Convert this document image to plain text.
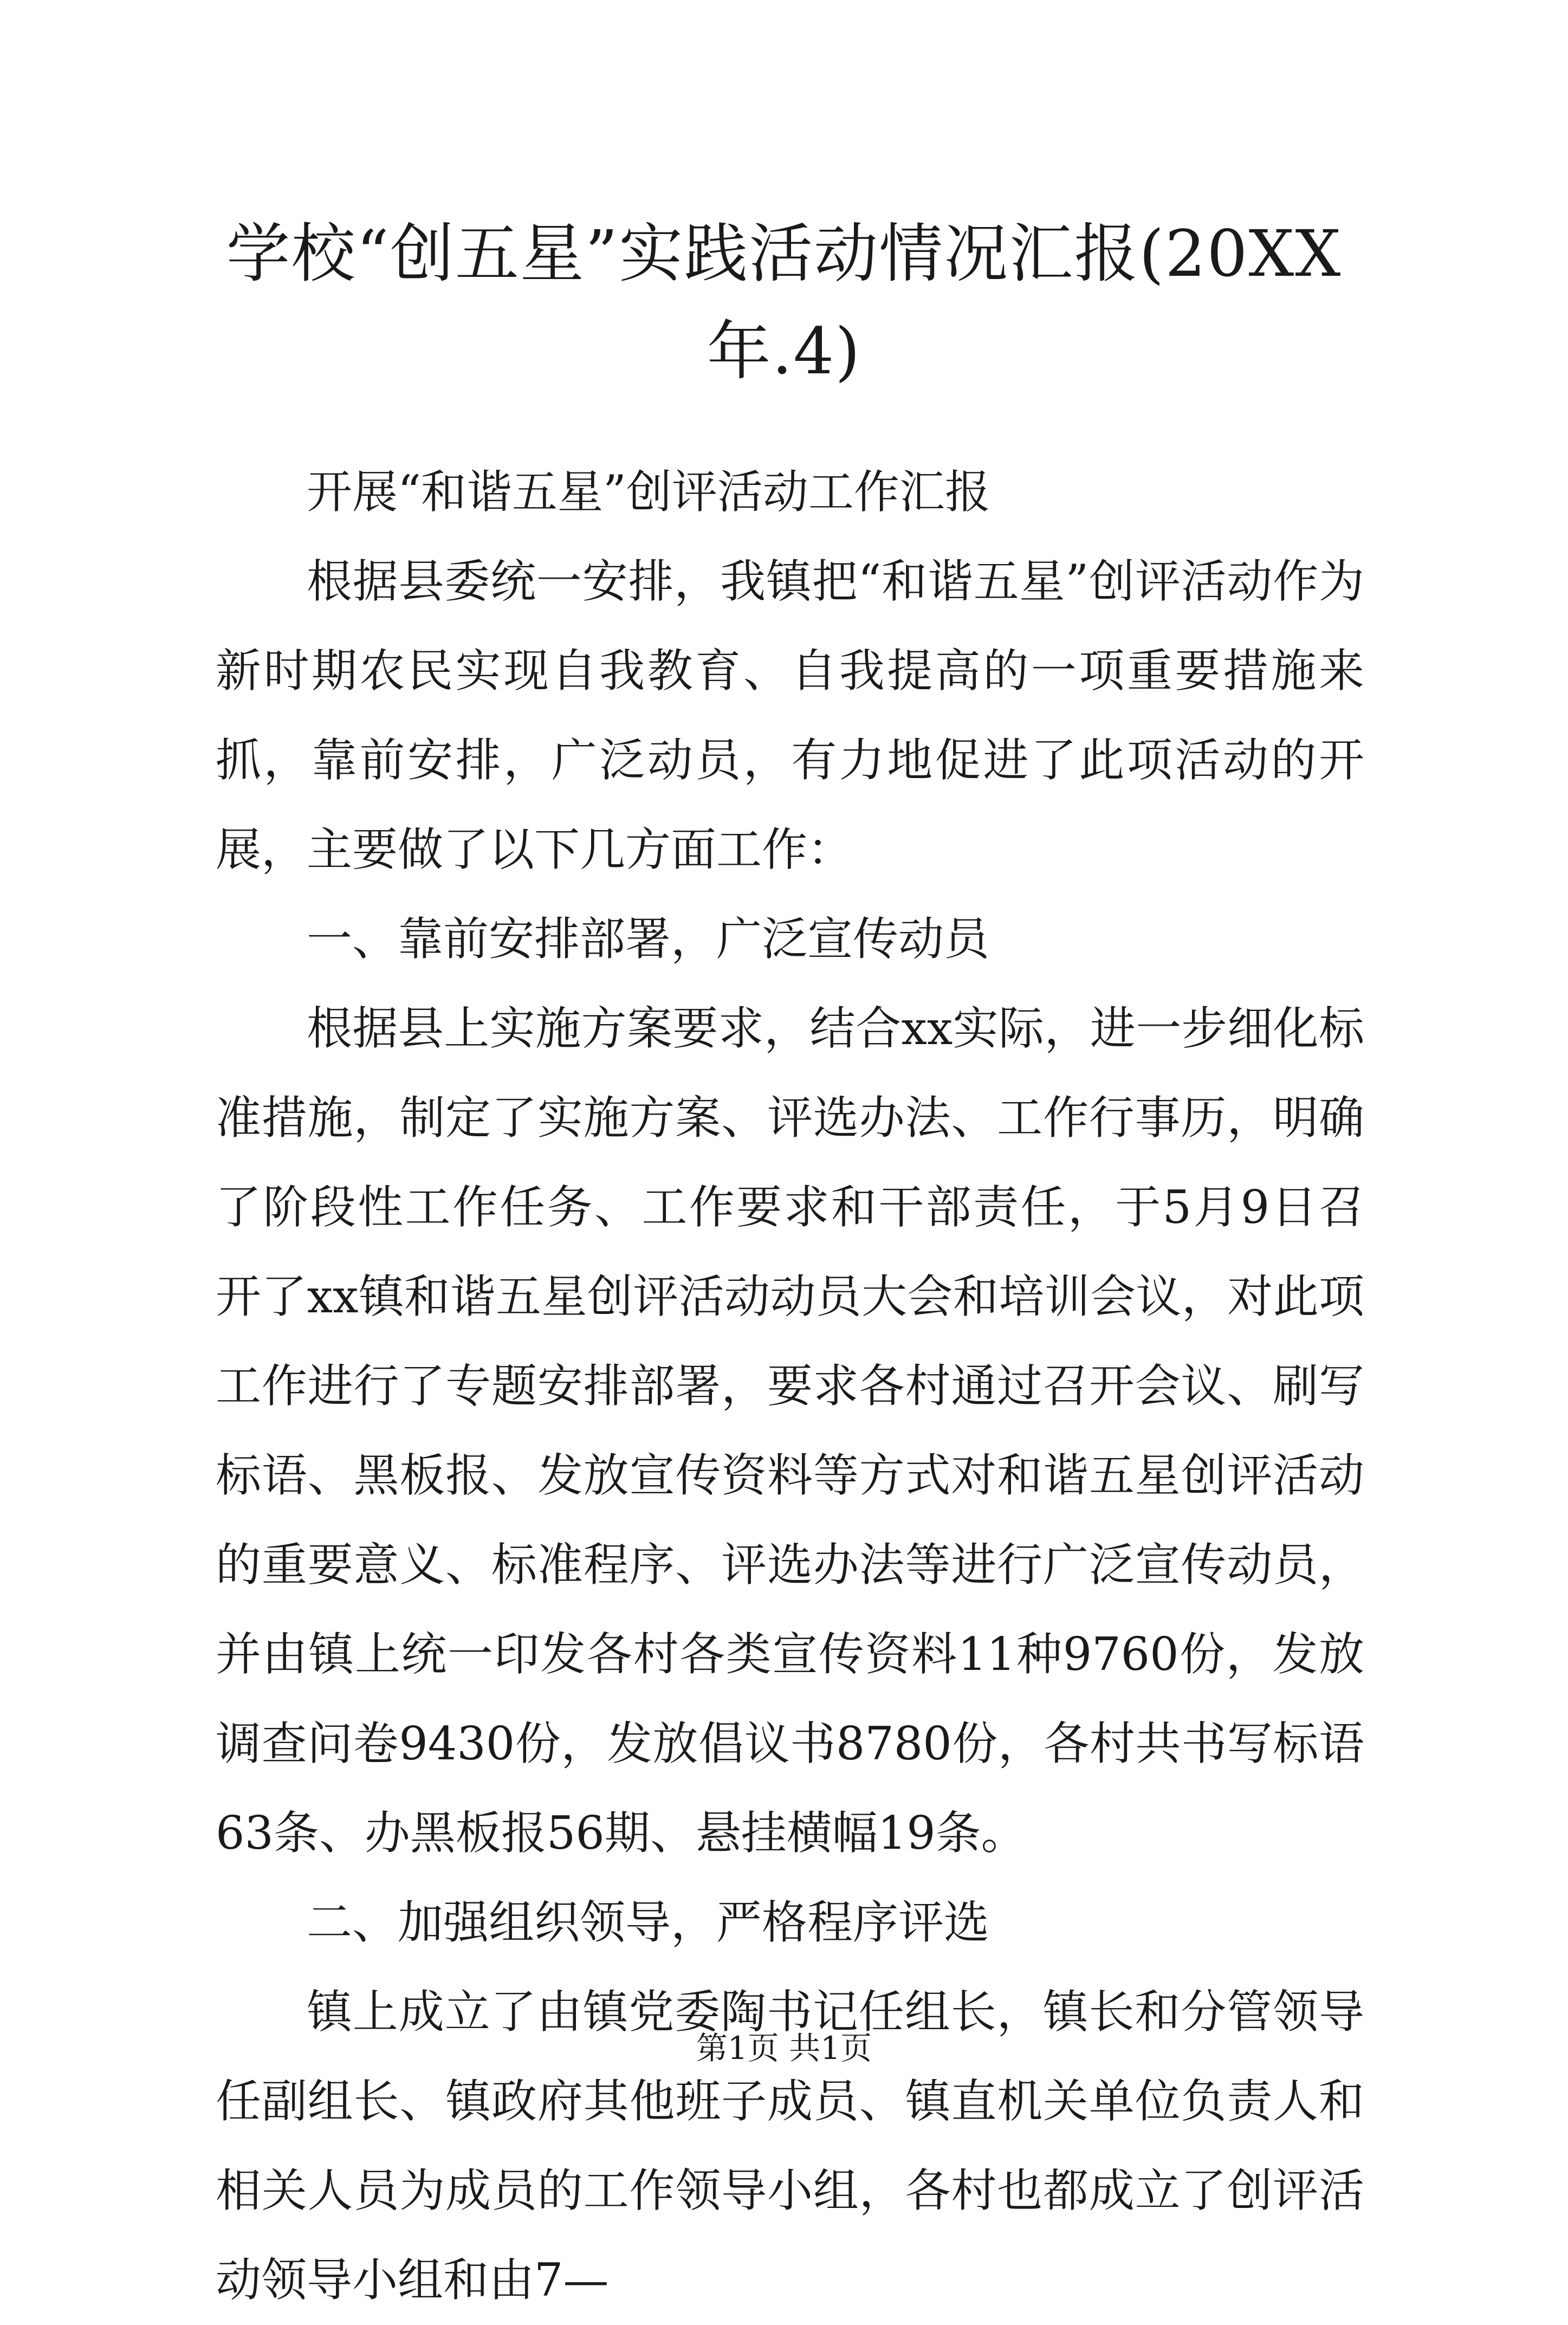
学校“创五星”实践活动情况汇报(20XX年.4)

开展“和谐五星”创评活动工作汇报

根据县委统一安排，我镇把“和谐五星”创评活动作为新时期农民实现自我教育、自我提高的一项重要措施来抓，靠前安排，广泛动员，有力地促进了此项活动的开展，主要做了以下几方面工作：

一、靠前安排部署，广泛宣传动员

根据县上实施方案要求，结合xx实际，进一步细化标准措施，制定了实施方案、评选办法、工作行事历，明确了阶段性工作任务、工作要求和干部责任，于5月9日召开了xx镇和谐五星创评活动动员大会和培训会议，对此项工作进行了专题安排部署，要求各村通过召开会议、刷写标语、黑板报、发放宣传资料等方式对和谐五星创评活动的重要意义、标准程序、评选办法等进行广泛宣传动员，并由镇上统一印发各村各类宣传资料11种9760份，发放调查问卷9430份，发放倡议书8780份，各村共书写标语63条、办黑板报56期、悬挂横幅19条。

二、加强组织领导，严格程序评选

镇上成立了由镇党委陶书记任组长，镇长和分管领导任副组长、镇政府其他班子成员、镇直机关单位负责人和相关人员为成员的工作领导小组，各村也都成立了创评活动领导小组和由7—

第1页 共1页
